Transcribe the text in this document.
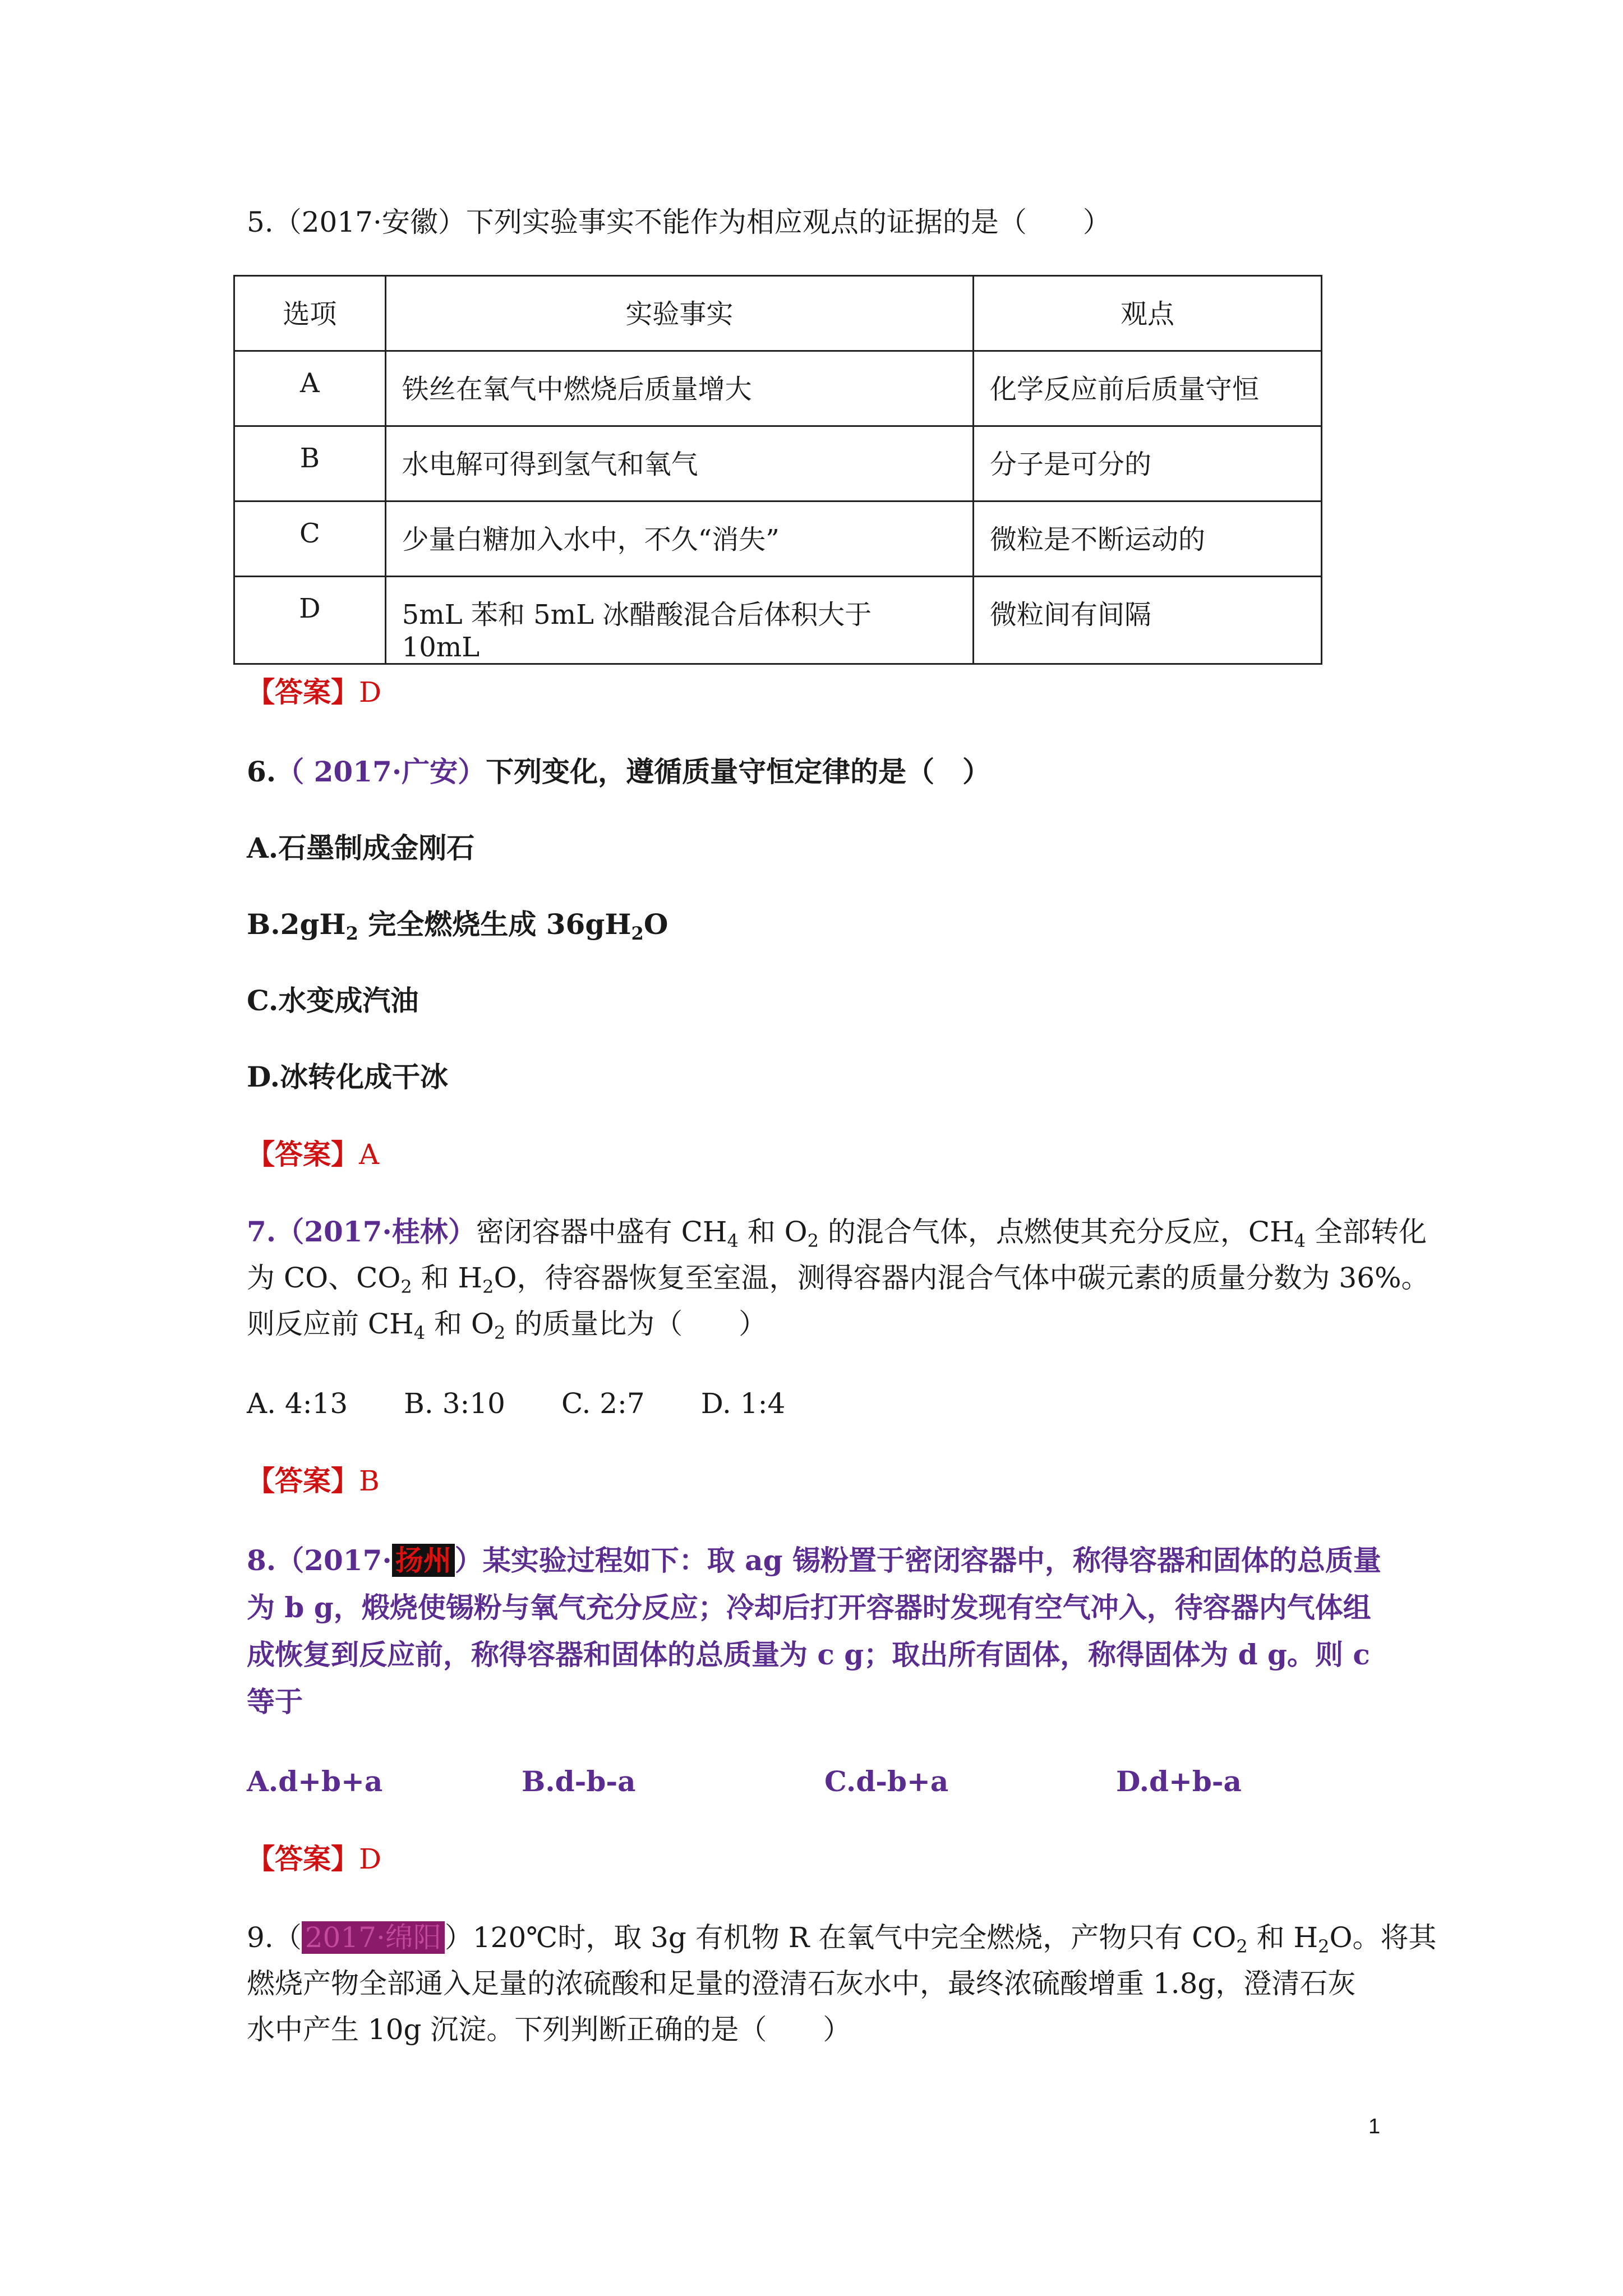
5.（2017·安徽）下列实验事实不能作为相应观点的证据的是（　　）
选项	实验事实	观点
A	铁丝在氧气中燃烧后质量增大	化学反应前后质量守恒
B	水电解可得到氢气和氧气	分子是可分的
C	少量白糖加入水中，不久“消失”	微粒是不断运动的
D	5mL 苯和 5mL 冰醋酸混合后体积大于 10mL	微粒间有间隔
【答案】D
6.（ 2017·广安）下列变化，遵循质量守恒定律的是（　）
A.石墨制成金刚石
$B.2gH_2$ 完全燃烧生成 $36gH_2O$
C.水变成汽油
D.冰转化成干冰
【答案】A
7.（2017·桂林）密闭容器中盛有 $CH_4$ 和 $O_2$ 的混合气体，点燃使其充分反应，$CH_4$ 全部转化
为 CO、$CO_2$ 和 $H_2O$，待容器恢复至室温，测得容器内混合气体中碳元素的质量分数为 36%。
则反应前 $CH_4$ 和 $O_2$ 的质量比为（　　）
A. 4:13　　B. 3:10　　C. 2:7　　D. 1:4
【答案】B
8.（2017· 扬州 ）某实验过程如下：取 ag 锡粉置于密闭容器中，称得容器和固体的总质量
为 b g，煅烧使锡粉与氧气充分反应；冷却后打开容器时发现有空气冲入，待容器内气体组
成恢复到反应前，称得容器和固体的总质量为 c g；取出所有固体，称得固体为 d g。则 c
等于
A.d+b+a	B.d-b-a	C.d-b+a	D.d+b-a
【答案】D
9.（ 2017·绵阳 ）120℃时，取 3g 有机物 R 在氧气中完全燃烧，产物只有 $CO_2$ 和 $H_2O$。将其
燃烧产物全部通入足量的浓硫酸和足量的澄清石灰水中，最终浓硫酸增重 1.8g，澄清石灰
水中产生 10g 沉淀。下列判断正确的是（　　）
1
